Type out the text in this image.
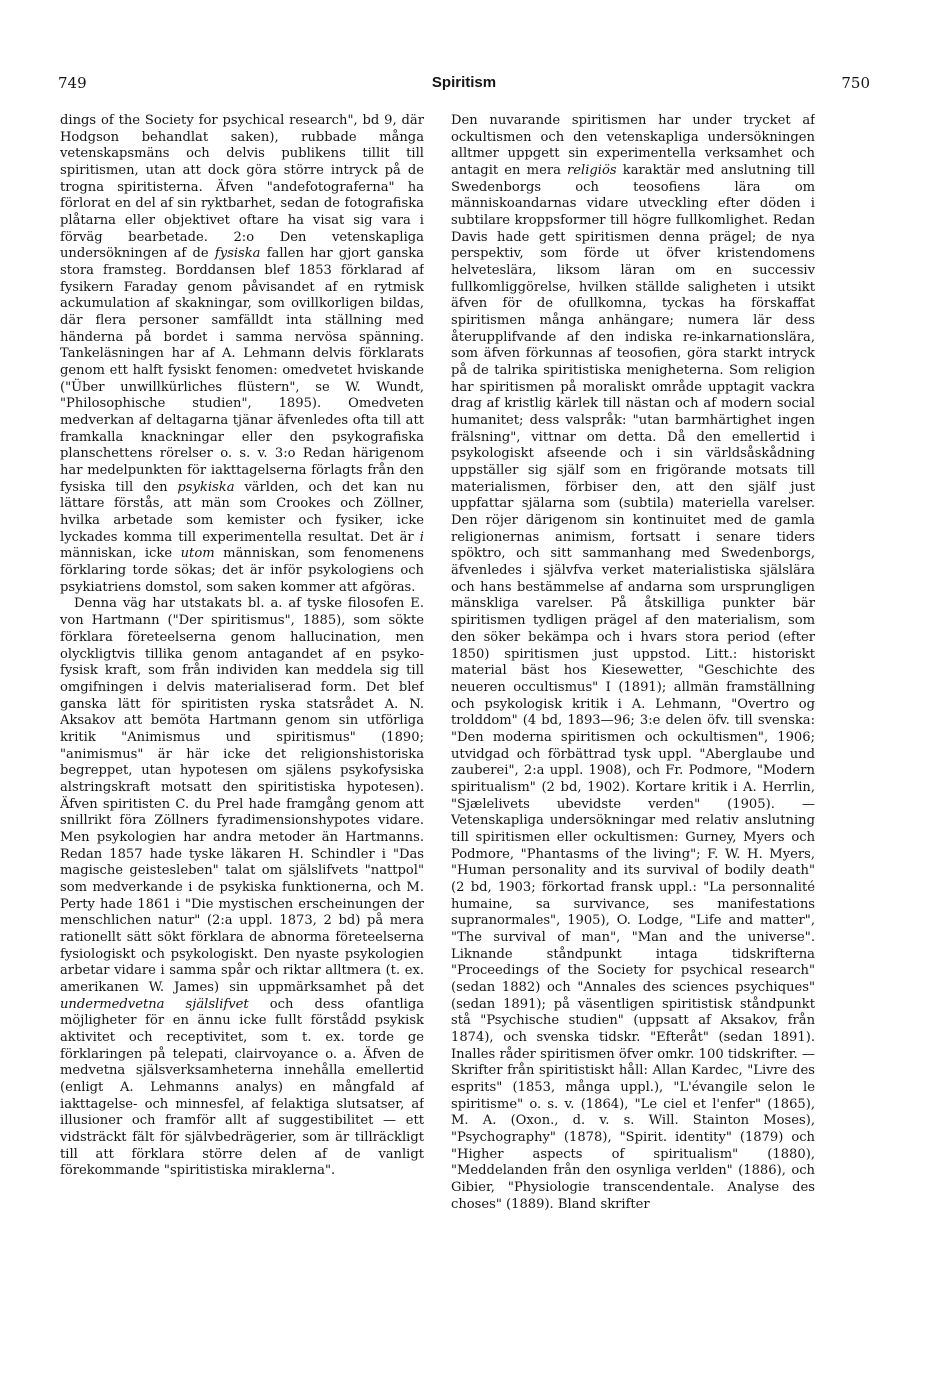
749	Spiritism	750

dings of the Society for psychical research", bd 9, där Hodgson behandlat saken), rubbade många vetenskapsmäns och delvis publikens tillit till spiritismen, utan att dock göra större intryck på de trogna spiritisterna. Äfven "andefotograferna" ha förlorat en del af sin ryktbarhet, sedan de fotografiska plåtarna eller objektivet oftare ha visat sig vara i förväg bearbetade. 2:o Den vetenskapliga undersökningen af de fysiska fallen har gjort ganska stora framsteg. Borddansen blef 1853 förklarad af fysikern Faraday genom påvisandet af en rytmisk ackumulation af skakningar, som ovillkorligen bildas, där flera personer samfälldt inta ställning med händerna på bordet i samma nervösa spänning. Tankeläsningen har af A. Lehmann delvis förklarats genom ett halft fysiskt fenomen: omedvetet hviskande ("Über unwillkürliches flüstern", se W. Wundt, "Philosophische studien", 1895). Omedveten medverkan af deltagarna tjänar äfvenledes ofta till att framkalla knackningar eller den psykografiska planschettens rörelser o. s. v. 3:o Redan härigenom har medelpunkten för iakttagelserna förlagts från den fysiska till den psykiska världen, och det kan nu lättare förstås, att män som Crookes och Zöllner, hvilka arbetade som kemister och fysiker, icke lyckades komma till experimentella resultat. Det är i människan, icke utom människan, som fenomenens förklaring torde sökas; det är inför psykologiens och psykiatriens domstol, som saken kommer att afgöras.

Denna väg har utstakats bl. a. af tyske filosofen E. von Hartmann ("Der spiritismus", 1885), som sökte förklara företeelserna genom hallucination, men olyckligtvis tillika genom antagandet af en psyko-fysisk kraft, som från individen kan meddela sig till omgifningen i delvis materialiserad form. Det blef ganska lätt för spiritisten ryska statsrådet A. N. Aksakov att bemöta Hartmann genom sin utförliga kritik "Animismus und spiritismus" (1890; "animismus" är här icke det religionshistoriska begreppet, utan hypotesen om själens psykofysiska alstringskraft motsatt den spiritistiska hypotesen). Äfven spiritisten C. du Prel hade framgång genom att snillrikt föra Zöllners fyradimensionshypotes vidare. Men psykologien har andra metoder än Hartmanns. Redan 1857 hade tyske läkaren H. Schindler i "Das magische geistesleben" talat om själslifvets "nattpol" som medverkande i de psykiska funktionerna, och M. Perty hade 1861 i "Die mystischen erscheinungen der menschlichen natur" (2:a uppl. 1873, 2 bd) på mera rationellt sätt sökt förklara de abnorma företeelserna fysiologiskt och psykologiskt. Den nyaste psykologien arbetar vidare i samma spår och riktar alltmera (t. ex. amerikanen W. James) sin uppmärksamhet på det undermedvetna själslifvet och dess ofantliga möjligheter för en ännu icke fullt förstådd psykisk aktivitet och receptivitet, som t. ex. torde ge förklaringen på telepati, clairvoyance o. a. Äfven de medvetna själsverksamheterna innehålla emellertid (enligt A. Lehmanns analys) en mångfald af iakttagelse- och minnesfel, af felaktiga slutsatser, af illusioner och framför allt af suggestibilitet — ett vidsträckt fält för självbedrägerier, som är tillräckligt till att förklara större delen af de vanligt förekommande "spiritistiska miraklerna".

Den nuvarande spiritismen har under trycket af ockultismen och den vetenskapliga undersökningen alltmer uppgett sin experimentella verksamhet och antagit en mera religiös karaktär med anslutning till Swedenborgs och teosofiens lära om människoandarnas vidare utveckling efter döden i subtilare kroppsformer till högre fullkomlighet. Redan Davis hade gett spiritismen denna prägel; de nya perspektiv, som förde ut öfver kristendomens helveteslära, liksom läran om en successiv fullkomliggörelse, hvilken ställde saligheten i utsikt äfven för de ofullkomna, tyckas ha förskaffat spiritismen många anhängare; numera lär dess återupplifvande af den indiska re-inkarnationslära, som äfven förkunnas af teosofien, göra starkt intryck på de talrika spiritistiska menigheterna. Som religion har spiritismen på moraliskt område upptagit vackra drag af kristlig kärlek till nästan och af modern social humanitet; dess valspråk: "utan barmhärtighet ingen frälsning", vittnar om detta. Då den emellertid i psykologiskt afseende och i sin världsåskådning uppställer sig själf som en frigörande motsats till materialismen, förbiser den, att den själf just uppfattar själarna som (subtila) materiella varelser. Den röjer därigenom sin kontinuitet med de gamla religionernas animism, fortsatt i senare tiders spöktro, och sitt sammanhang med Swedenborgs, äfvenledes i självfva verket materialistiska själslära och hans bestämmelse af andarna som ursprungligen mänskliga varelser. På åtskilliga punkter bär spiritismen tydligen prägel af den materialism, som den söker bekämpa och i hvars stora period (efter 1850) spiritismen just uppstod. Litt.: historiskt material bäst hos Kiesewetter, "Geschichte des neueren occultismus" I (1891); allmän framställning och psykologisk kritik i A. Lehmann, "Overtro og trolddom" (4 bd, 1893—96; 3:e delen öfv. till svenska: "Den moderna spiritismen och ockultismen", 1906; utvidgad och förbättrad tysk uppl. "Aberglaube und zauberei", 2:a uppl. 1908), och Fr. Podmore, "Modern spiritualism" (2 bd, 1902). Kortare kritik i A. Herrlin, "Sjælelivets ubevidste verden" (1905). — Vetenskapliga undersökningar med relativ anslutning till spiritismen eller ockultismen: Gurney, Myers och Podmore, "Phantasms of the living"; F. W. H. Myers, "Human personality and its survival of bodily death" (2 bd, 1903; förkortad fransk uppl.: "La personnalité humaine, sa survivance, ses manifestations supranormales", 1905), O. Lodge, "Life and matter", "The survival of man", "Man and the universe". Liknande ståndpunkt intaga tidskrifterna "Proceedings of the Society for psychical research" (sedan 1882) och "Annales des sciences psychiques" (sedan 1891); på väsentligen spiritistisk ståndpunkt stå "Psychische studien" (uppsatt af Aksakov, från 1874), och svenska tidskr. "Efteråt" (sedan 1891). Inalles råder spiritismen öfver omkr. 100 tidskrifter. — Skrifter från spiritistiskt håll: Allan Kardec, "Livre des esprits" (1853, många uppl.), "L'évangile selon le spiritisme" o. s. v. (1864), "Le ciel et l'enfer" (1865), M. A. (Oxon., d. v. s. Will. Stainton Moses), "Psychography" (1878), "Spirit. identity" (1879) och "Higher aspects of spiritualism" (1880), "Meddelanden från den osynliga verlden" (1886), och Gibier, "Physiologie transcendentale. Analyse des choses" (1889). Bland skrifter
